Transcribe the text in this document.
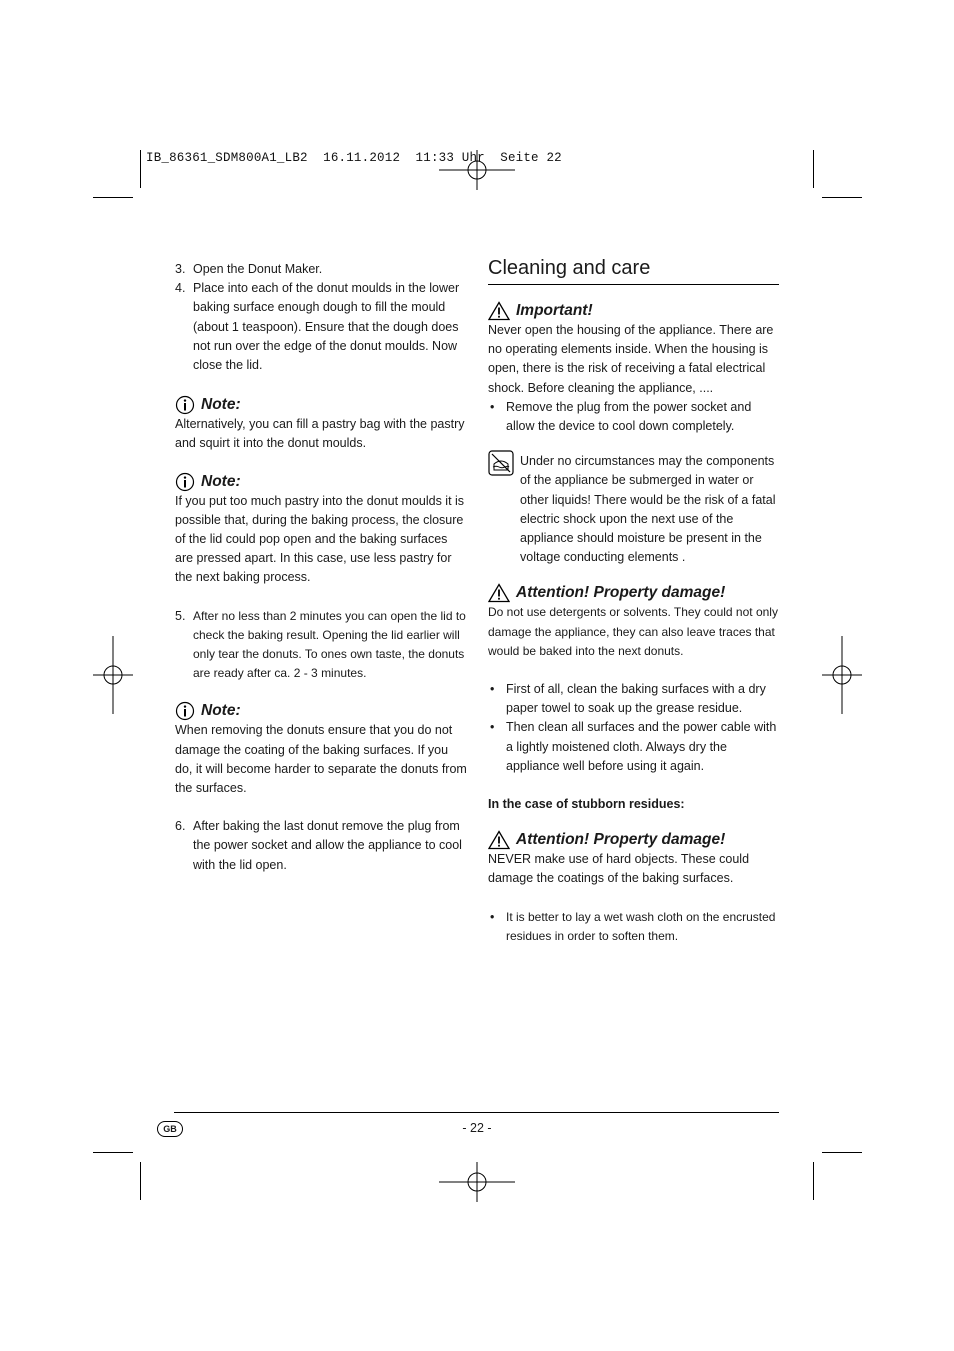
IB_86361_SDM800A1_LB2  16.11.2012  11:33 Uhr  Seite 22
3. Open the Donut Maker.

4. Place into each of the donut moulds in the lower baking surface enough dough to fill the mould (about 1 teaspoon). Ensure that the dough does not run over the edge of the donut moulds. Now close the lid.

Note:

Alternatively, you can fill a pastry bag with the pastry and squirt it into the donut moulds.

Note:

If you put too much pastry into the donut moulds it is possible that, during the baking process, the closure of the lid could pop open and the baking surfaces are pressed apart. In this case, use less pastry for the next baking process.

5. After no less than 2 minutes you can open the lid to check the baking result. Opening the lid earlier will only tear the donuts. To ones own taste, the donuts are ready after ca. 2 - 3 minutes.

Note:

When removing the donuts ensure that you do not damage the coating of the baking surfaces. If you do, it will become harder to separate the donuts from the surfaces.

6. After baking the last donut remove the plug from the power socket and allow the appliance to cool with the lid open.

Cleaning and care
Important!

Never open the housing of the appliance. There are no operating elements inside. When the housing is open, there is the risk of receiving a fatal electrical shock. Before cleaning the appliance, ....

• Remove the plug from the power socket and allow the device to cool down completely.

Under no circumstances may the components of the appliance be submerged in water or other liquids! There would be the risk of a fatal electric shock upon the next use of the appliance should moisture be present in the voltage conducting elements .

Attention! Property damage!

Do not use detergents or solvents. They could not only damage the appliance, they can also leave traces that would be baked into the next donuts.

• First of all, clean the baking surfaces with a dry paper towel to soak up the grease residue.

• Then clean all surfaces and the power cable with a lightly moistened cloth. Always dry the appliance well before using it again.

In the case of stubborn residues:

Attention! Property damage!

NEVER make use of hard objects. These could damage the coatings of the baking surfaces.

• It is better to lay a wet wash cloth on the encrusted residues in order to soften them.

GB	- 22 -
